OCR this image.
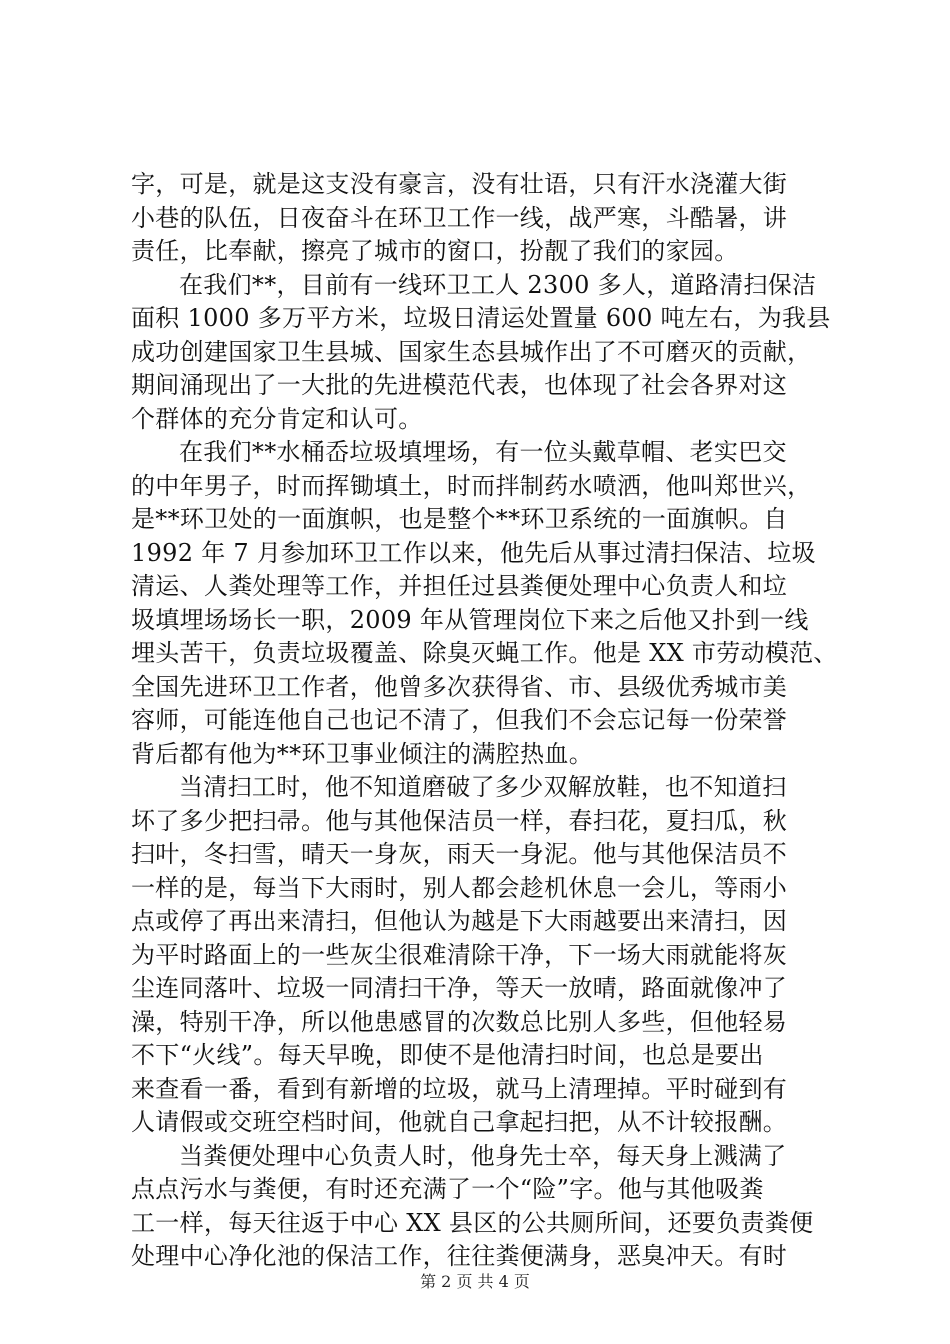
字，可是，就是这支没有豪言，没有壮语，只有汗水浇灌大街
小巷的队伍，日夜奋斗在环卫工作一线，战严寒，斗酷暑，讲
责任，比奉献，擦亮了城市的窗口，扮靓了我们的家园。
在我们**，目前有一线环卫工人 2300 多人，道路清扫保洁
面积 1000 多万平方米，垃圾日清运处置量 600 吨左右，为我县
成功创建国家卫生县城、国家生态县城作出了不可磨灭的贡献，
期间涌现出了一大批的先进模范代表，也体现了社会各界对这
个群体的充分肯定和认可。
在我们**水桶岙垃圾填埋场，有一位头戴草帽、老实巴交
的中年男子，时而挥锄填土，时而拌制药水喷洒，他叫郑世兴，
是**环卫处的一面旗帜，也是整个**环卫系统的一面旗帜。自
1992 年 7 月参加环卫工作以来，他先后从事过清扫保洁、垃圾
清运、人粪处理等工作，并担任过县粪便处理中心负责人和垃
圾填埋场场长一职，2009 年从管理岗位下来之后他又扑到一线
埋头苦干，负责垃圾覆盖、除臭灭蝇工作。他是 XX 市劳动模范、
全国先进环卫工作者，他曾多次获得省、市、县级优秀城市美
容师，可能连他自己也记不清了，但我们不会忘记每一份荣誉
背后都有他为**环卫事业倾注的满腔热血。
当清扫工时，他不知道磨破了多少双解放鞋，也不知道扫
坏了多少把扫帚。他与其他保洁员一样，春扫花，夏扫瓜，秋
扫叶，冬扫雪，晴天一身灰，雨天一身泥。他与其他保洁员不
一样的是，每当下大雨时，别人都会趁机休息一会儿，等雨小
点或停了再出来清扫，但他认为越是下大雨越要出来清扫，因
为平时路面上的一些灰尘很难清除干净，下一场大雨就能将灰
尘连同落叶、垃圾一同清扫干净，等天一放晴，路面就像冲了
澡，特别干净，所以他患感冒的次数总比别人多些，但他轻易
不下“火线”。每天早晚，即使不是他清扫时间，也总是要出
来查看一番，看到有新增的垃圾，就马上清理掉。平时碰到有
人请假或交班空档时间，他就自己拿起扫把，从不计较报酬。
当粪便处理中心负责人时，他身先士卒，每天身上溅满了
点点污水与粪便，有时还充满了一个“险”字。他与其他吸粪
工一样，每天往返于中心 XX 县区的公共厕所间，还要负责粪便
处理中心净化池的保洁工作，往往粪便满身，恶臭冲天。有时
第 2 页 共 4 页
